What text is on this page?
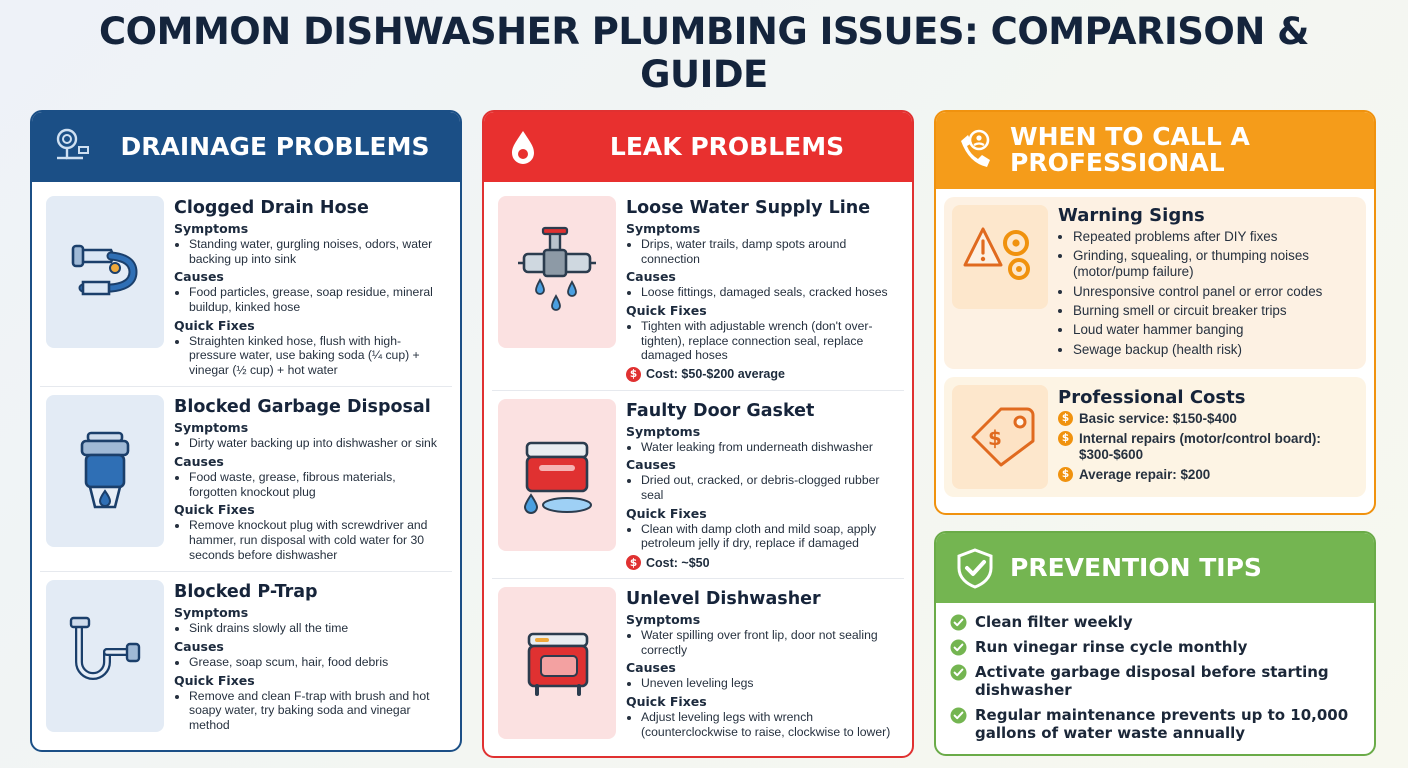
COMMON DISHWASHER PLUMBING ISSUES: COMPARISON & GUIDE
DRAINAGE PROBLEMS
Clogged Drain Hose

Symptoms

• Standing water, gurgling noises, odors, water backing up into sink

Causes

• Food particles, grease, soap residue, mineral buildup, kinked hose

Quick Fixes

• Straighten kinked hose, flush with high-pressure water, use baking soda (¼ cup) + vinegar (½ cup) + hot water
Blocked Garbage Disposal

Symptoms

• Dirty water backing up into dishwasher or sink

Causes

• Food waste, grease, fibrous materials, forgotten knockout plug

Quick Fixes

• Remove knockout plug with screwdriver and hammer, run disposal with cold water for 30 seconds before dishwasher
Blocked P-Trap

Symptoms

• Sink drains slowly all the time

Causes

• Grease, soap scum, hair, food debris

Quick Fixes

• Remove and clean F-trap with brush and hot soapy water, try baking soda and vinegar method
LEAK PROBLEMS
Loose Water Supply Line

Symptoms

• Drips, water trails, damp spots around connection

Causes

• Loose fittings, damaged seals, cracked hoses

Quick Fixes

• Tighten with adjustable wrench (don't over-tighten), replace connection seal, replace damaged hoses
$ Cost: $50-$200 average
Faulty Door Gasket

Symptoms

• Water leaking from underneath dishwasher

Causes

• Dried out, cracked, or debris-clogged rubber seal

Quick Fixes

• Clean with damp cloth and mild soap, apply petroleum jelly if dry, replace if damaged
$ Cost: ~$50
Unlevel Dishwasher

Symptoms

• Water spilling over front lip, door not sealing correctly

Causes

• Uneven leveling legs

Quick Fixes

• Adjust leveling legs with wrench (counterclockwise to raise, clockwise to lower)
WHEN TO CALL A PROFESSIONAL
Warning Signs
• Repeated problems after DIY fixes
• Grinding, squealing, or thumping noises (motor/pump failure)
• Unresponsive control panel or error codes
• Burning smell or circuit breaker trips
• Loud water hammer banging
• Sewage backup (health risk)
$
Professional Costs
$ Basic service: $150-$400
$ Internal repairs (motor/control board): $300-$600
$ Average repair: $200
PREVENTION TIPS
Clean filter weekly
Run vinegar rinse cycle monthly
Activate garbage disposal before starting dishwasher
Regular maintenance prevents up to 10,000 gallons of water waste annually
